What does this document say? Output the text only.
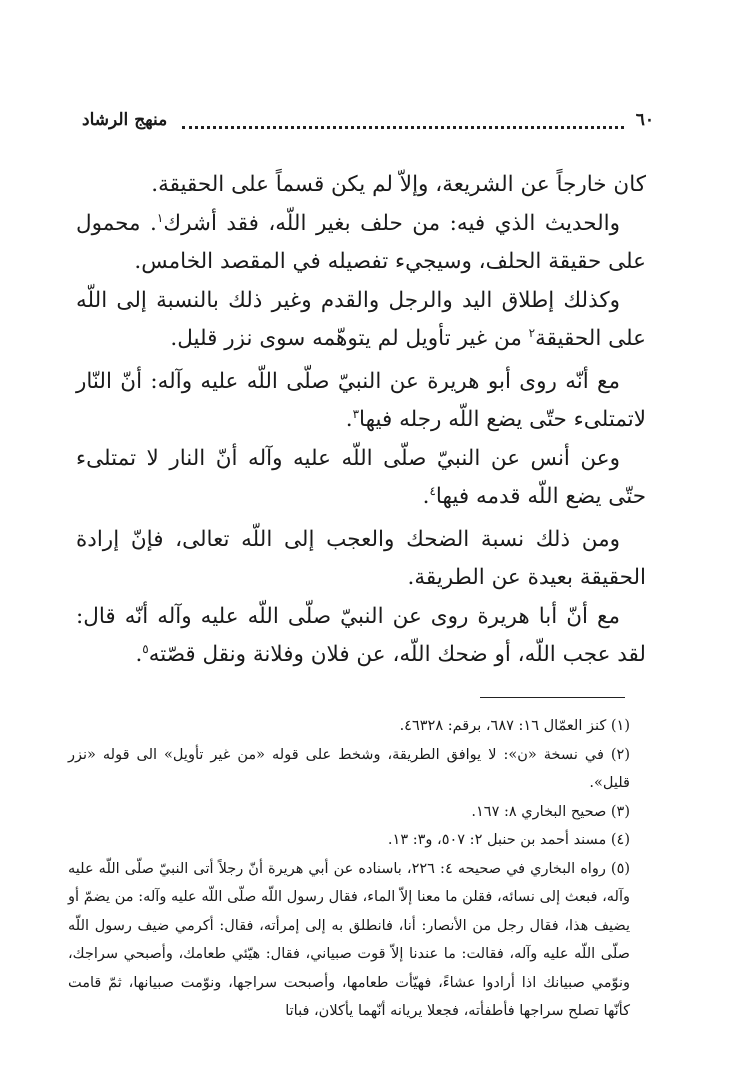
٦٠
منهج الرشاد

كان خارجاً عن الشريعة، وإلاّ لم يكن قسماً على الحقيقة.

والحديث الذي فيه: من حلف بغير اللّه، فقد أشرك$^١$. محمول على حقيقة الحلف، وسيجيء تفصيله في المقصد الخامس.

وكذلك إطلاق اليد والرجل والقدم وغير ذلك بالنسبة إلى اللّه على الحقيقة$^٢$ من غير تأويل لم يتوهّمه سوى نزر قليل.

مع أنّه روى أبو هريرة عن النبيّ صلّى اللّه عليه وآله: أنّ النّار لاتمتلىء حتّى يضع اللّه رجله فيها$^٣$.

وعن أنس عن النبيّ صلّى اللّه عليه وآله أنّ النار لا تمتلىء حتّى يضع اللّه قدمه فيها$^٤$.

ومن ذلك نسبة الضحك والعجب إلى اللّه تعالى، فإنّ إرادة الحقيقة بعيدة عن الطريقة.

مع أنّ أبا هريرة روى عن النبيّ صلّى اللّه عليه وآله أنّه قال: لقد عجب اللّه، أو ضحك اللّه، عن فلان وفلانة ونقل قصّته$^٥$.

(١) كنز العمّال ١٦: ٦٨٧، برقم: ٤٦٣٢٨.

(٢) في نسخة «ن»: لا يوافق الطريقة، وشخط على قوله «من غير تأويل» الى قوله «نزر قليل».

(٣) صحيح البخاري ٨: ١٦٧.

(٤) مسند أحمد بن حنبل ٢: ٥٠٧، و٣: ١٣.

(٥) رواه البخاري في صحيحه ٤: ٢٢٦، باسناده عن أبي هريرة أنّ رجلاً أتى النبيّ صلّى اللّه عليه وآله، فبعث إلى نسائه، فقلن ما معنا إلاّ الماء، فقال رسول اللّه صلّى اللّه عليه وآله: من يضمّ أو يضيف هذا، فقال رجل من الأنصار: أنا، فانطلق به إلى إمرأته، فقال: أكرمي ضيف رسول اللّه صلّى اللّه عليه وآله، فقالت: ما عندنا إلاّ قوت صبياني، فقال: هيّئي طعامك، وأصبحي سراجك، ونوّمي صبيانك اذا أرادوا عشاءً، فهيّأت طعامها، وأصبحت سراجها، ونوّمت صبيانها، ثمّ قامت كأنّها تصلح سراجها فأطفأته، فجعلا يريانه أنّهما يأكلان، فباتا
